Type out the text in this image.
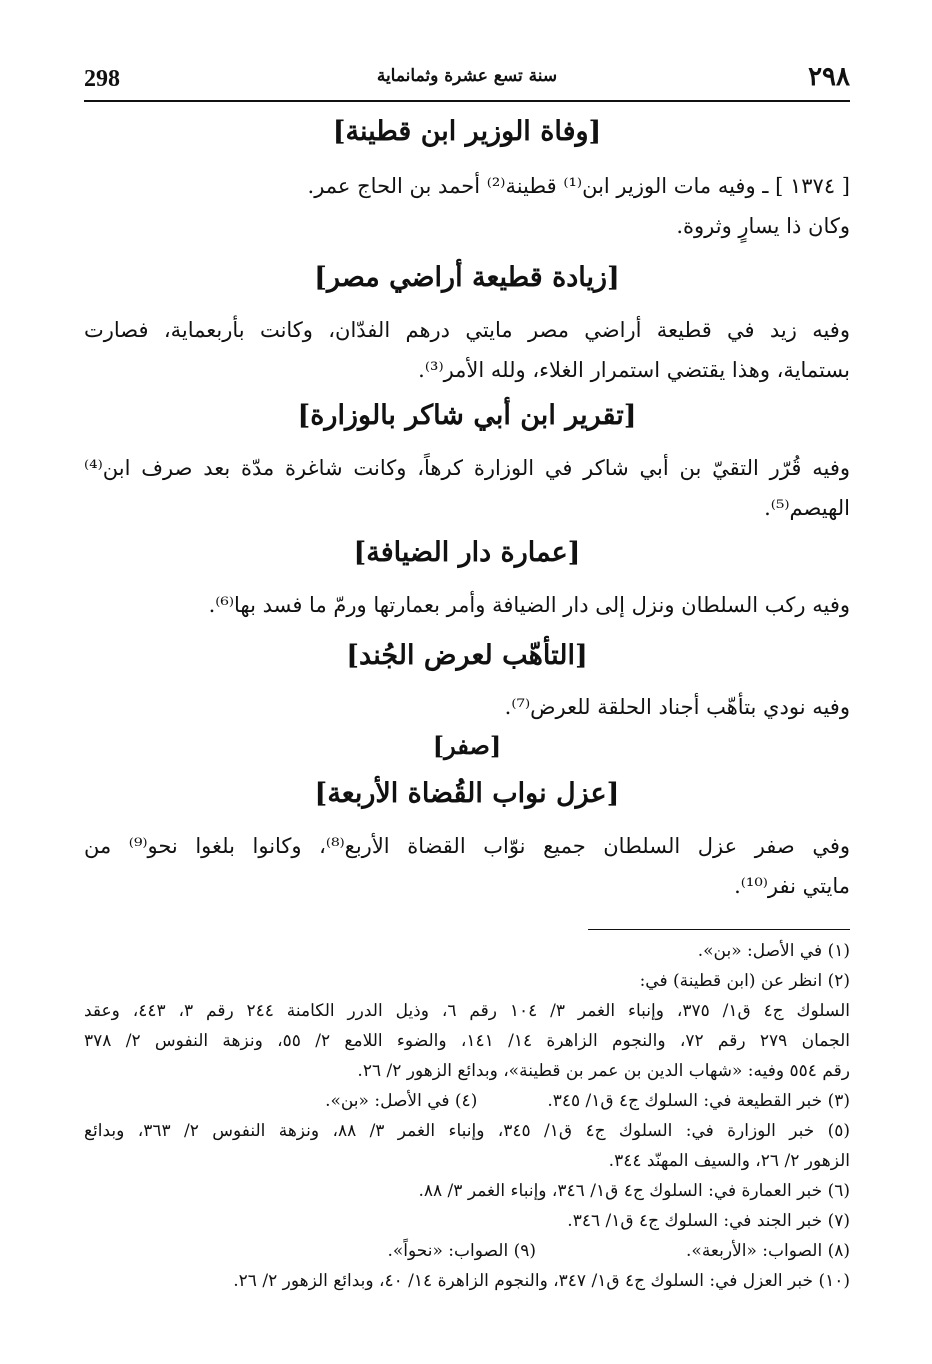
٢٩٨
سنة تسع عشرة وثمانماية
298
[وفاة الوزير ابن قطينة]
[ ١٣٧٤ ] ـ وفيه مات الوزير ابن⁽¹⁾ قطينة⁽²⁾ أحمد بن الحاج عمر.
وكان ذا يسارٍ وثروة.
[زيادة قطيعة أراضي مصر]
وفيه زيد في قطيعة أراضي مصر مايتي درهم الفدّان، وكانت بأربعماية، فصارت
بستماية، وهذا يقتضي استمرار الغلاء، ولله الأمر⁽³⁾.
[تقرير ابن أبي شاكر بالوزارة]
وفيه قُرّر التقيّ بن أبي شاكر في الوزارة كرهاً، وكانت شاغرة مدّة بعد صرف ابن⁽⁴⁾
الهيصم⁽⁵⁾.
[عمارة دار الضيافة]
وفيه ركب السلطان ونزل إلى دار الضيافة وأمر بعمارتها ورمّ ما فسد بها⁽⁶⁾.
[التأهّب لعرض الجُند]
وفيه نودي بتأهّب أجناد الحلقة للعرض⁽⁷⁾.
[صفر]
[عزل نواب القُضاة الأربعة]
وفي صفر عزل السلطان جميع نوّاب القضاة الأربع⁽⁸⁾، وكانوا بلغوا نحو⁽⁹⁾ من
مايتي نفر⁽¹⁰⁾.
(١) في الأصل: «بن».
(٢) انظر عن (ابن قطينة) في:
السلوك ج٤ ق١/ ٣٧٥، وإنباء الغمر ٣/ ١٠٤ رقم ٦، وذيل الدرر الكامنة ٢٤٤ رقم ٣، ٤٤٣، وعقد
الجمان ٢٧٩ رقم ٧٢، والنجوم الزاهرة ١٤/ ١٤١، والضوء اللامع ٢/ ٥٥، ونزهة النفوس ٢/ ٣٧٨
رقم ٥٥٤ وفيه: «شهاب الدين بن عمر بن قطينة»، وبدائع الزهور ٢/ ٢٦.
(٣) خبر القطيعة في: السلوك ج٤ ق١/ ٣٤٥.(٤) في الأصل: «بن».
(٥) خبر الوزارة في: السلوك ج٤ ق١/ ٣٤٥، وإنباء الغمر ٣/ ٨٨، ونزهة النفوس ٢/ ٣٦٣، وبدائع
الزهور ٢/ ٢٦، والسيف المهنّد ٣٤٤.
(٦) خبر العمارة في: السلوك ج٤ ق١/ ٣٤٦، وإنباء الغمر ٣/ ٨٨.
(٧) خبر الجند في: السلوك ج٤ ق١/ ٣٤٦.
(٨) الصواب: «الأربعة».(٩) الصواب: «نحواً».
(١٠) خبر العزل في: السلوك ج٤ ق١/ ٣٤٧، والنجوم الزاهرة ١٤/ ٤٠، وبدائع الزهور ٢/ ٢٦.
